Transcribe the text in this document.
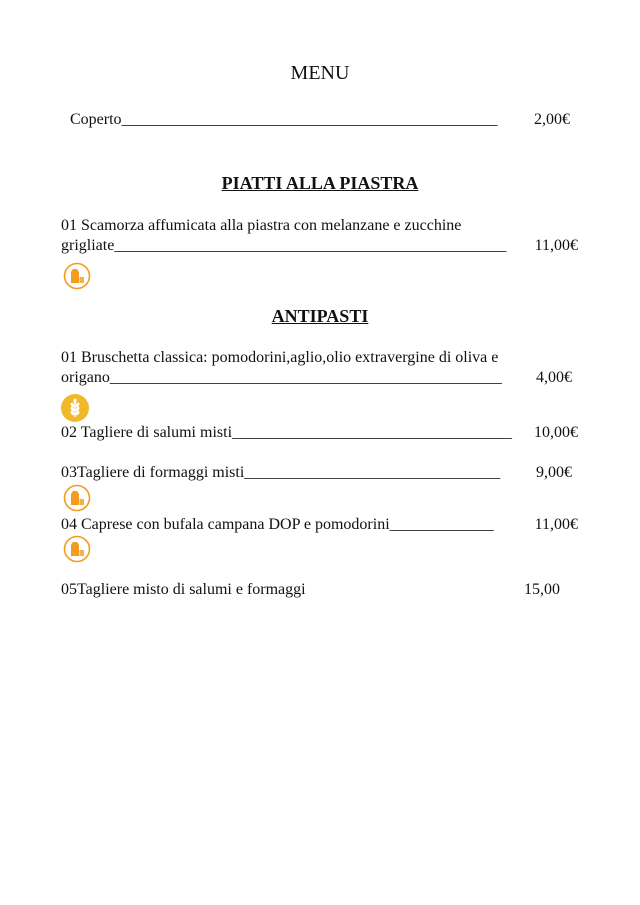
MENU
Coperto_______________________________________________ 2,00€
PIATTI ALLA PIASTRA
01 Scamorza affumicata alla piastra con melanzane e zucchine
grigliate_________________________________________________ 11,00€
ANTIPASTI
01 Bruschetta classica: pomodorini,aglio,olio extravergine di oliva e
origano_________________________________________________ 4,00€
02 Tagliere di salumi misti___________________________________ 10,00€
03Tagliere di formaggi misti________________________________ 9,00€
04 Caprese con bufala campana DOP e pomodorini_____________	11,00€
05Tagliere misto di salumi e formaggi	15,00
